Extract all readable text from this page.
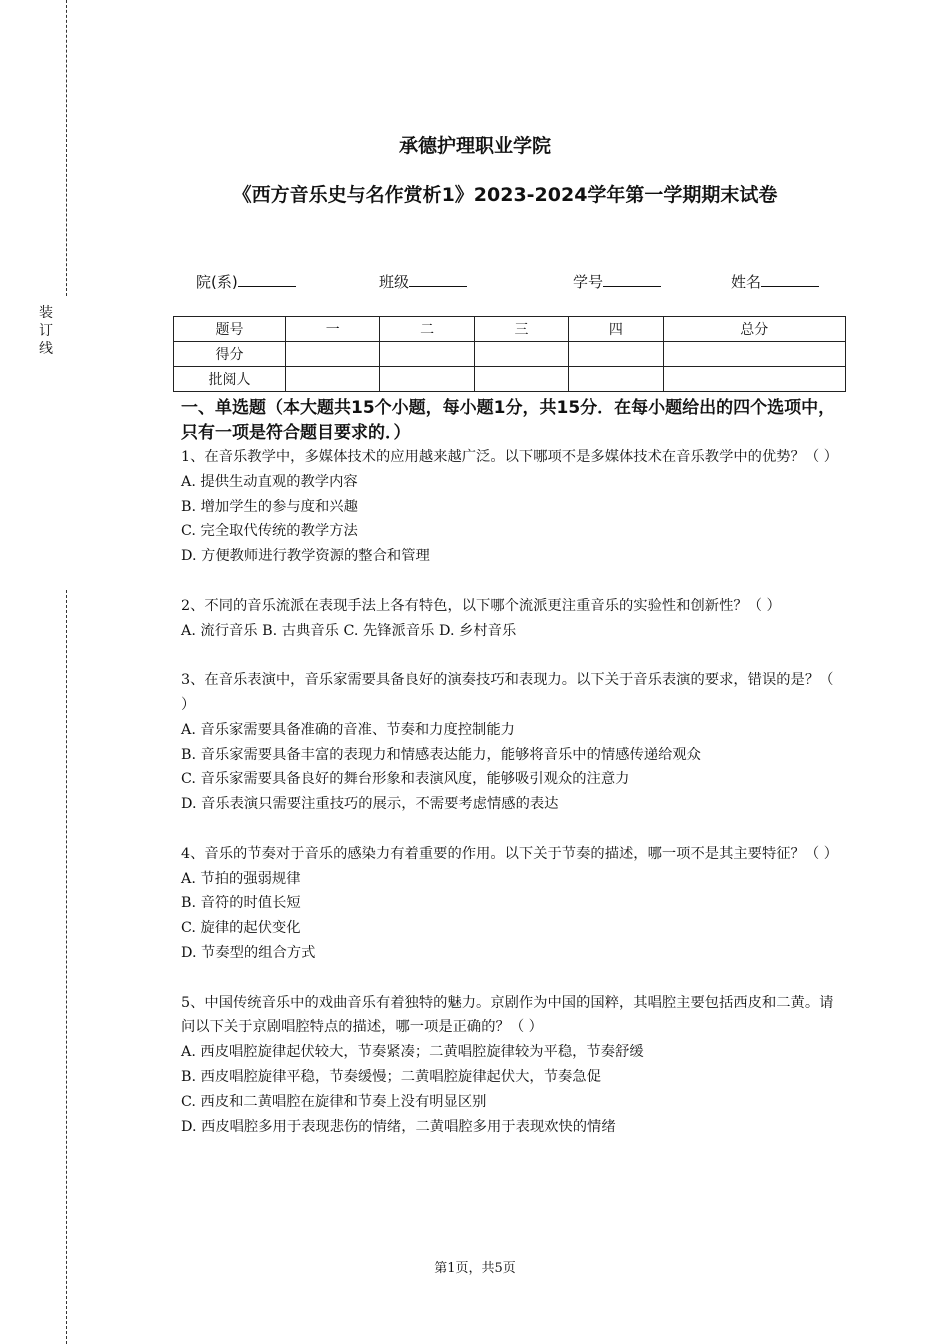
装
订
线
承德护理职业学院
《西方音乐史与名作赏析1》2023-2024学年第一学期期末试卷
院(系)	班级	学号	姓名
题号	一	二	三	四	总分
得分					
批阅人					
一、单选题（本大题共15个小题，每小题1分，共15分．在每小题给出的四个选项中，只有一项是符合题目要求的．）

1、在音乐教学中，多媒体技术的应用越来越广泛。以下哪项不是多媒体技术在音乐教学中的优势？（ ）

A. 提供生动直观的教学内容

B. 增加学生的参与度和兴趣

C. 完全取代传统的教学方法

D. 方便教师进行教学资源的整合和管理

2、不同的音乐流派在表现手法上各有特色，以下哪个流派更注重音乐的实验性和创新性？（ ）

A. 流行音乐 B. 古典音乐 C. 先锋派音乐 D. 乡村音乐

3、在音乐表演中，音乐家需要具备良好的演奏技巧和表现力。以下关于音乐表演的要求，错误的是？（ ）

A. 音乐家需要具备准确的音准、节奏和力度控制能力

B. 音乐家需要具备丰富的表现力和情感表达能力，能够将音乐中的情感传递给观众

C. 音乐家需要具备良好的舞台形象和表演风度，能够吸引观众的注意力

D. 音乐表演只需要注重技巧的展示，不需要考虑情感的表达

4、音乐的节奏对于音乐的感染力有着重要的作用。以下关于节奏的描述，哪一项不是其主要特征？（ ）

A. 节拍的强弱规律

B. 音符的时值长短

C. 旋律的起伏变化

D. 节奏型的组合方式

5、中国传统音乐中的戏曲音乐有着独特的魅力。京剧作为中国的国粹，其唱腔主要包括西皮和二黄。请问以下关于京剧唱腔特点的描述，哪一项是正确的？（ ）

A. 西皮唱腔旋律起伏较大，节奏紧凑；二黄唱腔旋律较为平稳，节奏舒缓

B. 西皮唱腔旋律平稳，节奏缓慢；二黄唱腔旋律起伏大，节奏急促

C. 西皮和二黄唱腔在旋律和节奏上没有明显区别

D. 西皮唱腔多用于表现悲伤的情绪，二黄唱腔多用于表现欢快的情绪

第1页，共5页
